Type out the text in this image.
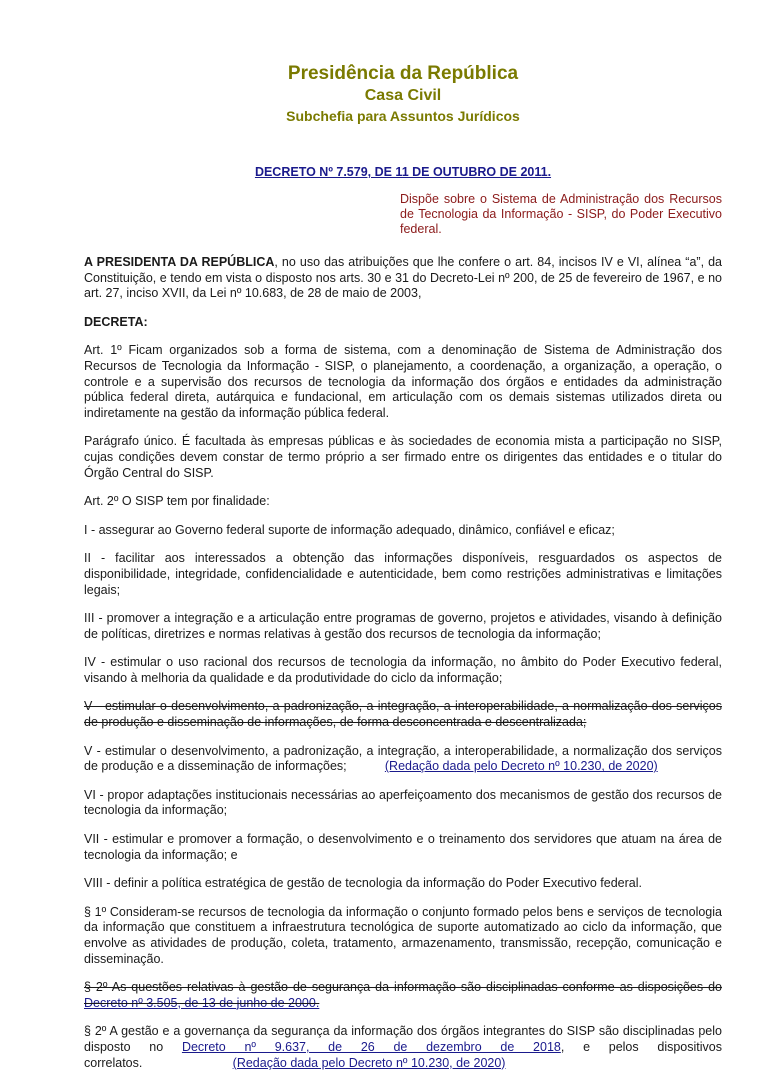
Presidência da República
Casa Civil
Subchefia para Assuntos Jurídicos
DECRETO Nº 7.579, DE 11 DE OUTUBRO DE 2011.
Dispõe sobre o Sistema de Administração dos Recursos de Tecnologia da Informação - SISP, do Poder Executivo federal.

A PRESIDENTA DA REPÚBLICA, no uso das atribuições que lhe confere o art. 84, incisos IV e VI, alínea “a”, da Constituição, e tendo em vista o disposto nos arts. 30 e 31 do Decreto-Lei nº 200, de 25 de fevereiro de 1967, e no art. 27, inciso XVII, da Lei nº 10.683, de 28 de maio de 2003,

DECRETA:

Art. 1º Ficam organizados sob a forma de sistema, com a denominação de Sistema de Administração dos Recursos de Tecnologia da Informação - SISP, o planejamento, a coordenação, a organização, a operação, o controle e a supervisão dos recursos de tecnologia da informação dos órgãos e entidades da administração pública federal direta, autárquica e fundacional, em articulação com os demais sistemas utilizados direta ou indiretamente na gestão da informação pública federal.

Parágrafo único. É facultada às empresas públicas e às sociedades de economia mista a participação no SISP, cujas condições devem constar de termo próprio a ser firmado entre os dirigentes das entidades e o titular do Órgão Central do SISP.

Art. 2º O SISP tem por finalidade:

I - assegurar ao Governo federal suporte de informação adequado, dinâmico, confiável e eficaz;

II - facilitar aos interessados a obtenção das informações disponíveis, resguardados os aspectos de disponibilidade, integridade, confidencialidade e autenticidade, bem como restrições administrativas e limitações legais;

III - promover a integração e a articulação entre programas de governo, projetos e atividades, visando à definição de políticas, diretrizes e normas relativas à gestão dos recursos de tecnologia da informação;

IV - estimular o uso racional dos recursos de tecnologia da informação, no âmbito do Poder Executivo federal, visando à melhoria da qualidade e da produtividade do ciclo da informação;

V - estimular o desenvolvimento, a padronização, a integração, a interoperabilidade, a normalização dos serviços de produção e disseminação de informações, de forma desconcentrada e descentralizada;

V - estimular o desenvolvimento, a padronização, a integração, a interoperabilidade, a normalização dos serviços de produção e a disseminação de informações;	(Redação dada pelo Decreto nº 10.230, de 2020)

VI - propor adaptações institucionais necessárias ao aperfeiçoamento dos mecanismos de gestão dos recursos de tecnologia da informação;

VII - estimular e promover a formação, o desenvolvimento e o treinamento dos servidores que atuam na área de tecnologia da informação; e

VIII - definir a política estratégica de gestão de tecnologia da informação do Poder Executivo federal.

§ 1º Consideram-se recursos de tecnologia da informação o conjunto formado pelos bens e serviços de tecnologia da informação que constituem a infraestrutura tecnológica de suporte automatizado ao ciclo da informação, que envolve as atividades de produção, coleta, tratamento, armazenamento, transmissão, recepção, comunicação e disseminação.

§ 2º As questões relativas à gestão de segurança da informação são disciplinadas conforme as disposições do Decreto nº 3.505, de 13 de junho de 2000.

§ 2º A gestão e a governança da segurança da informação dos órgãos integrantes do SISP são disciplinadas pelo disposto no Decreto nº 9.637, de 26 de dezembro de 2018, e pelos dispositivos correlatos.	(Redação dada pelo Decreto nº 10.230, de 2020)
